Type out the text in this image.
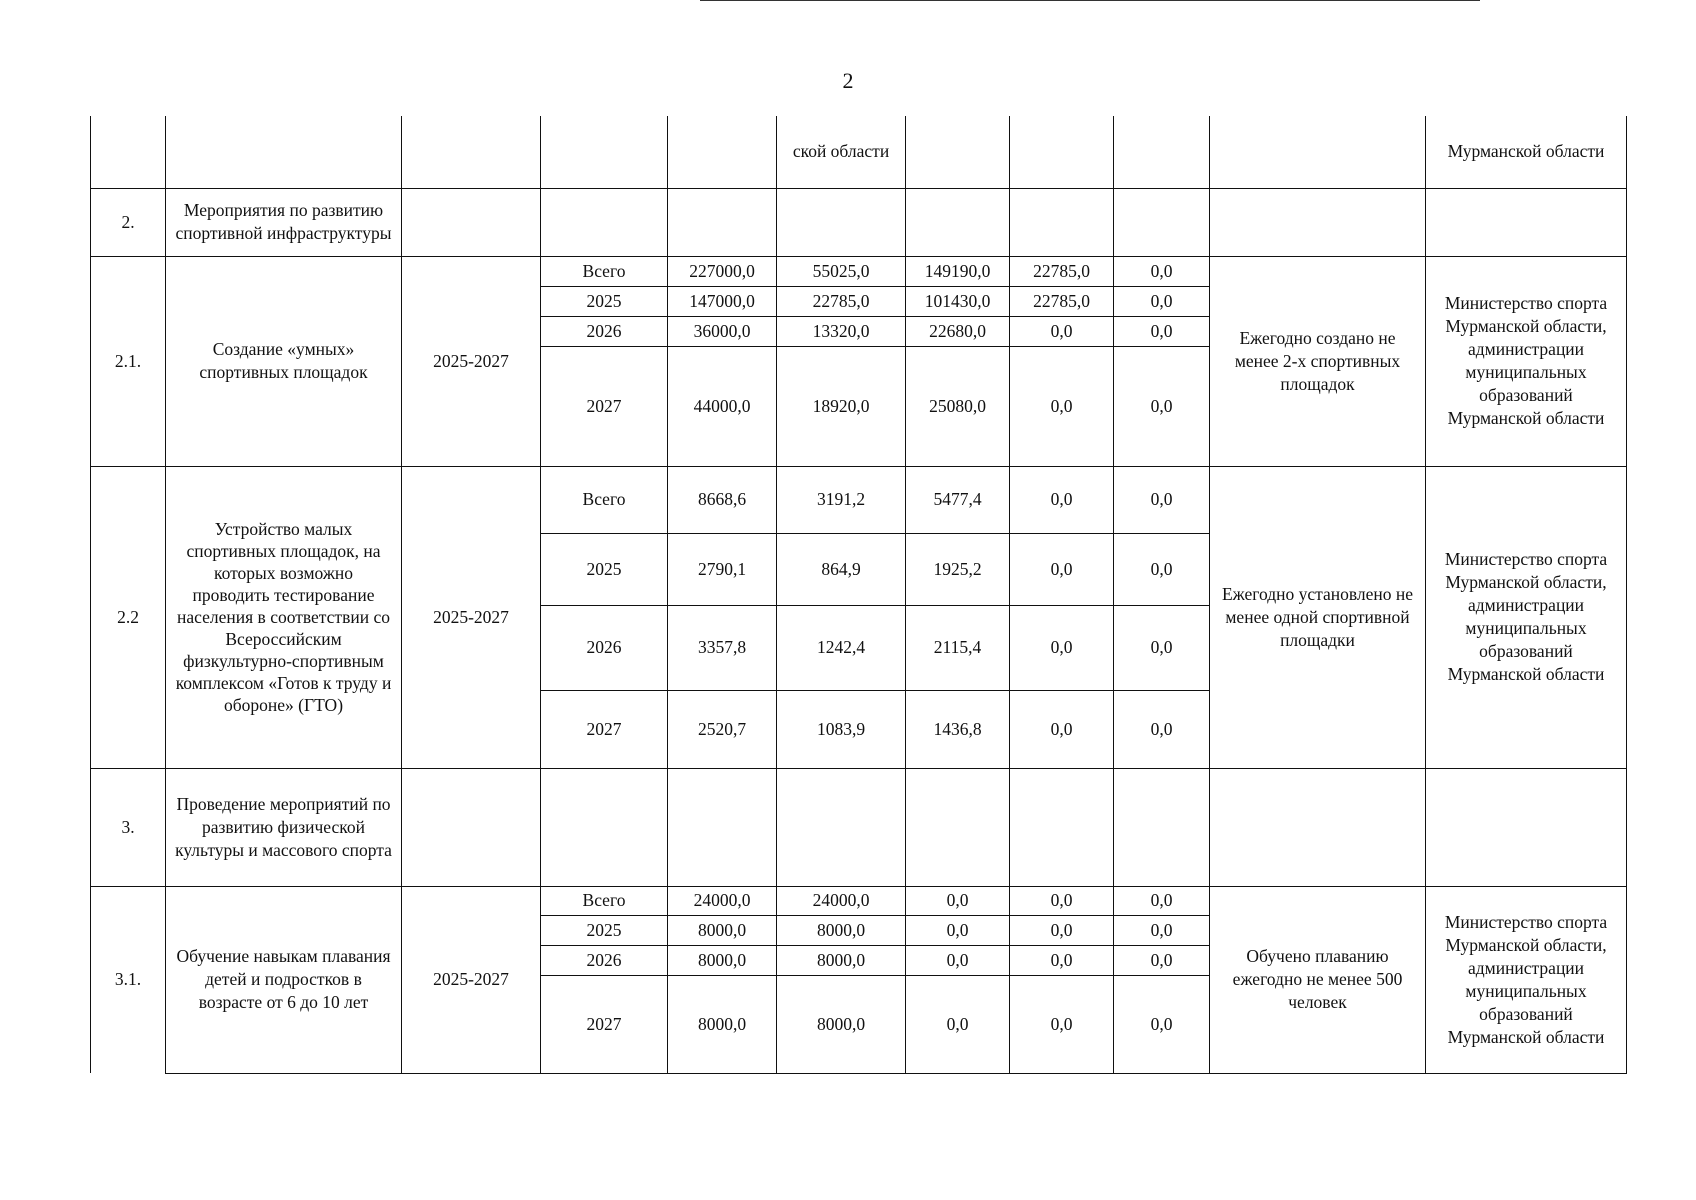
2
					ской области					Мурманской области
2.	Мероприятия по развитию спортивной инфраструктуры									
2.1.	Создание «умных» спортивных площадок	2025-2027	Всего	227000,0	55025,0	149190,0	22785,0	0,0	Ежегодно создано не менее 2-х спортивных площадок	Министерство спорта Мурманской области, администрации муниципальных образований Мурманской области
			2025	147000,0	22785,0	101430,0	22785,0	0,0		
			2026	36000,0	13320,0	22680,0	0,0	0,0		
			2027	44000,0	18920,0	25080,0	0,0	0,0		
2.2	Устройство малых спортивных площадок, на которых возможно проводить тестирование населения в соответствии со Всероссийским физкультурно-спортивным комплексом «Готов к труду и обороне» (ГТО)	2025-2027	Всего	8668,6	3191,2	5477,4	0,0	0,0	Ежегодно установлено не менее одной спортивной площадки	Министерство спорта Мурманской области, администрации муниципальных образований Мурманской области
			2025	2790,1	864,9	1925,2	0,0	0,0		
			2026	3357,8	1242,4	2115,4	0,0	0,0		
			2027	2520,7	1083,9	1436,8	0,0	0,0		
3.	Проведение мероприятий по развитию физической культуры и массового спорта									
3.1.	Обучение навыкам плавания детей и подростков в возрасте от 6 до 10 лет	2025-2027	Всего	24000,0	24000,0	0,0	0,0	0,0	Обучено плаванию ежегодно не менее 500 человек	Министерство спорта Мурманской области, администрации муниципальных образований Мурманской области
			2025	8000,0	8000,0	0,0	0,0	0,0		
			2026	8000,0	8000,0	0,0	0,0	0,0		
			2027	8000,0	8000,0	0,0	0,0	0,0		
